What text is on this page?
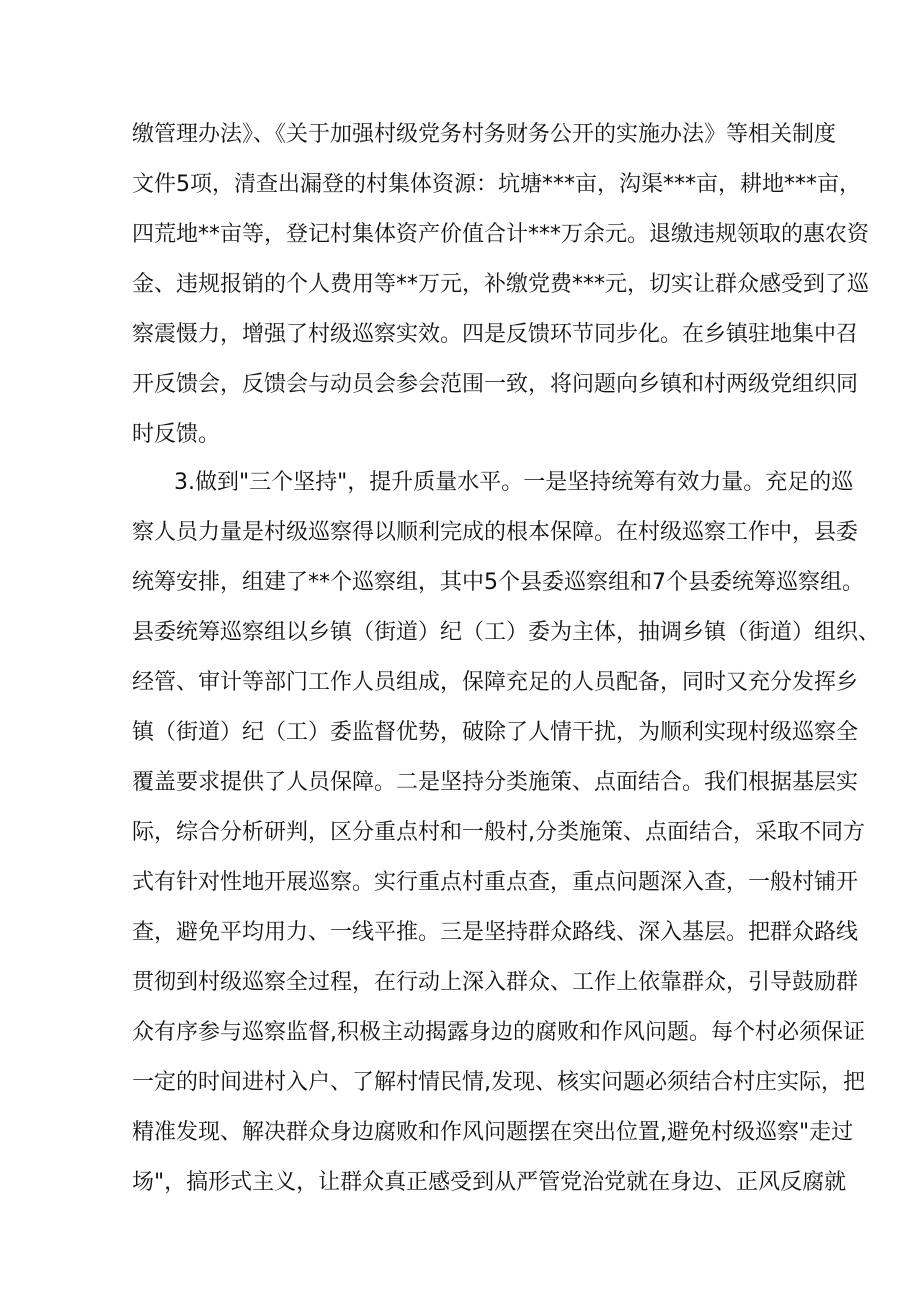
缴管理办法》、《关于加强村级党务村务财务公开的实施办法》等相关制度
文件5项，清查出漏登的村集体资源：坑塘***亩，沟渠***亩，耕地***亩，
四荒地**亩等，登记村集体资产价值合计***万余元。退缴违规领取的惠农资
金、违规报销的个人费用等**万元，补缴党费***元，切实让群众感受到了巡
察震慑力，增强了村级巡察实效。四是反馈环节同步化。在乡镇驻地集中召
开反馈会，反馈会与动员会参会范围一致，将问题向乡镇和村两级党组织同
时反馈。
3.做到"三个坚持"，提升质量水平。一是坚持统筹有效力量。充足的巡
察人员力量是村级巡察得以顺利完成的根本保障。在村级巡察工作中，县委
统筹安排，组建了**个巡察组，其中5个县委巡察组和7个县委统筹巡察组。
县委统筹巡察组以乡镇（街道）纪（工）委为主体，抽调乡镇（街道）组织、
经管、审计等部门工作人员组成，保障充足的人员配备，同时又充分发挥乡
镇（街道）纪（工）委监督优势，破除了人情干扰，为顺利实现村级巡察全
覆盖要求提供了人员保障。二是坚持分类施策、点面结合。我们根据基层实
际，综合分析研判，区分重点村和一般村,分类施策、点面结合，采取不同方
式有针对性地开展巡察。实行重点村重点查，重点问题深入查，一般村铺开
查，避免平均用力、一线平推。三是坚持群众路线、深入基层。把群众路线
贯彻到村级巡察全过程，在行动上深入群众、工作上依靠群众，引导鼓励群
众有序参与巡察监督,积极主动揭露身边的腐败和作风问题。每个村必须保证
一定的时间进村入户、了解村情民情,发现、核实问题必须结合村庄实际，把
精准发现、解决群众身边腐败和作风问题摆在突出位置,避免村级巡察"走过
场"，搞形式主义，让群众真正感受到从严管党治党就在身边、正风反腐就
